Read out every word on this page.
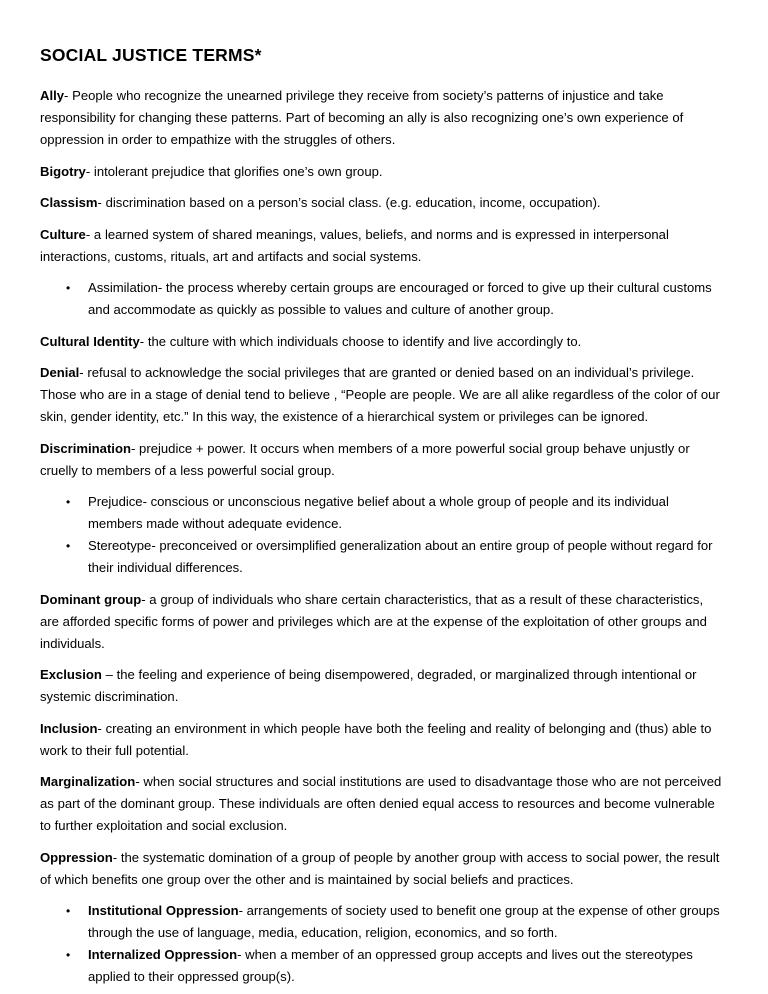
SOCIAL JUSTICE TERMS*

Ally- People who recognize the unearned privilege they receive from society’s patterns of injustice and take responsibility for changing these patterns. Part of becoming an ally is also recognizing one’s own experience of oppression in order to empathize with the struggles of others.

Bigotry- intolerant prejudice that glorifies one’s own group.

Classism- discrimination based on a person’s social class. (e.g. education, income, occupation).

Culture- a learned system of shared meanings, values, beliefs, and norms and is expressed in interpersonal interactions, customs, rituals, art and artifacts and social systems.

• Assimilation- the process whereby certain groups are encouraged or forced to give up their cultural customs and accommodate as quickly as possible to values and culture of another group.

Cultural Identity- the culture with which individuals choose to identify and live accordingly to.

Denial- refusal to acknowledge the social privileges that are granted or denied based on an individual’s privilege. Those who are in a stage of denial tend to believe , “People are people. We are all alike regardless of the color of our skin, gender identity, etc.” In this way, the existence of a hierarchical system or privileges can be ignored.

Discrimination- prejudice + power. It occurs when members of a more powerful social group behave unjustly or cruelly to members of a less powerful social group.

• Prejudice- conscious or unconscious negative belief about a whole group of people and its individual members made without adequate evidence.
• Stereotype- preconceived or oversimplified generalization about an entire group of people without regard for their individual differences.

Dominant group- a group of individuals who share certain characteristics, that as a result of these characteristics, are afforded specific forms of power and privileges which are at the expense of the exploitation of other groups and individuals.

Exclusion – the feeling and experience of being disempowered, degraded, or marginalized through intentional or systemic discrimination.

Inclusion- creating an environment in which people have both the feeling and reality of belonging and (thus) able to work to their full potential.

Marginalization- when social structures and social institutions are used to disadvantage those who are not perceived as part of the dominant group. These individuals are often denied equal access to resources and become vulnerable to further exploitation and social exclusion.

Oppression- the systematic domination of a group of people by another group with access to social power, the result of which benefits one group over the other and is maintained by social beliefs and practices.

• Institutional Oppression- arrangements of society used to benefit one group at the expense of other groups through the use of language, media, education, religion, economics, and so forth.
• Internalized Oppression- when a member of an oppressed group accepts and lives out the stereotypes applied to their oppressed group(s).
